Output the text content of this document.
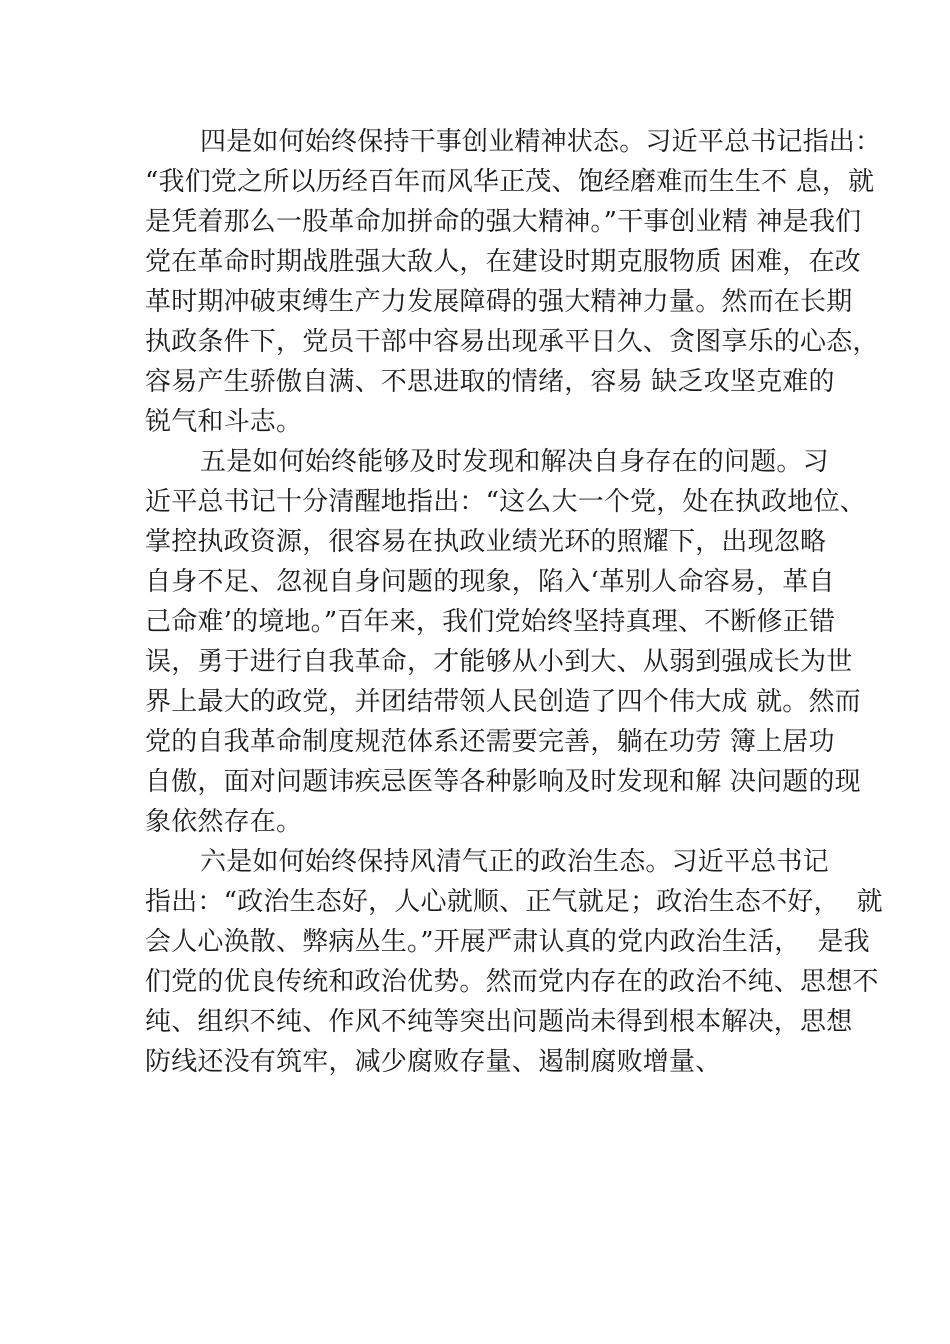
四是如何始终保持干事创业精神状态。习近平总书记指出：
“我们党之所以历经百年而风华正茂、饱经磨难而生生不 息，就
是凭着那么一股革命加拼命的强大精神。”干事创业精 神是我们
党在革命时期战胜强大敌人，在建设时期克服物质 困难，在改
革时期冲破束缚生产力发展障碍的强大精神力量。然而在长期
执政条件下，党员干部中容易出现承平日久、贪图享乐的心态，
容易产生骄傲自满、不思进取的情绪，容易 缺乏攻坚克难的
锐气和斗志。
五是如何始终能够及时发现和解决自身存在的问题。习
近平总书记十分清醒地指出：“这么大一个党，处在执政地位、
掌控执政资源，很容易在执政业绩光环的照耀下，出现忽略
自身不足、忽视自身问题的现象，陷入‘革别人命容易，革自
己命难’的境地。”百年来，我们党始终坚持真理、不断修正错
误，勇于进行自我革命，才能够从小到大、从弱到强成长为世
界上最大的政党，并团结带领人民创造了四个伟大成 就。然而
党的自我革命制度规范体系还需要完善，躺在功劳 簿上居功
自傲，面对问题讳疾忌医等各种影响及时发现和解 决问题的现
象依然存在。
六是如何始终保持风清气正的政治生态。习近平总书记
指出：“政治生态好，人心就顺、正气就足；政治生态不好，  就
会人心涣散、弊病丛生。”开展严肃认真的党内政治生活，  是我
们党的优良传统和政治优势。然而党内存在的政治不纯、思想不
纯、组织不纯、作风不纯等突出问题尚未得到根本解决，思想
防线还没有筑牢，减少腐败存量、遏制腐败增量、
